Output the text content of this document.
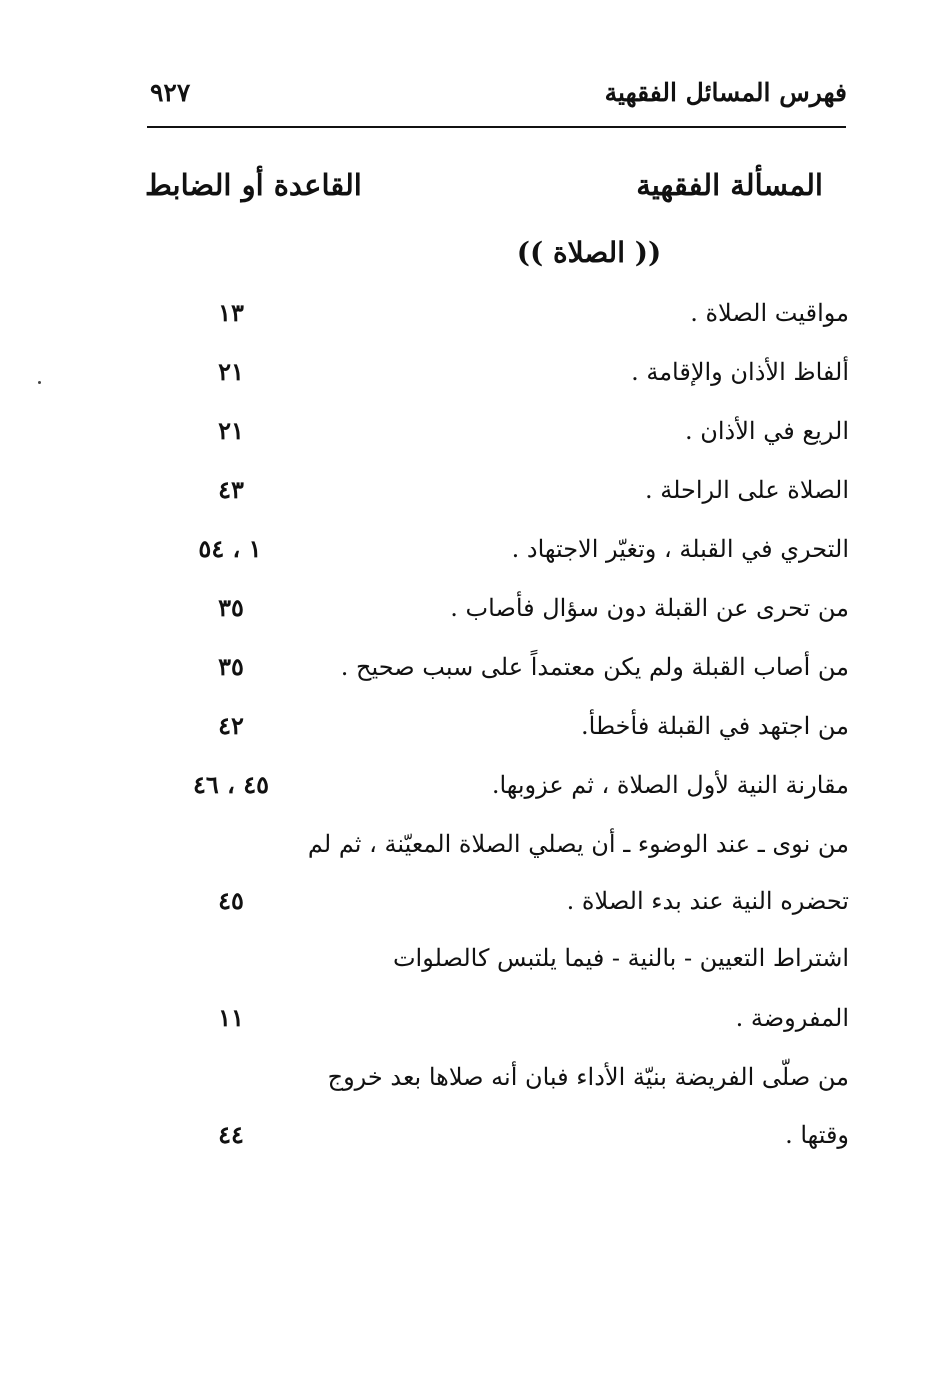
فهرس المسائل الفقهية
٩٢٧
المسألة الفقهية
القاعدة أو الضابط
(( الصلاة ))
مواقيت الصلاة .
١٣
ألفاظ الأذان والإقامة .
٢١
الريع في الأذان .
٢١
الصلاة على الراحلة .
٤٣
التحري في القبلة ، وتغيّر الاجتهاد .
١ ، ٥٤
من تحرى عن القبلة دون سؤال فأصاب .
٣٥
من أصاب القبلة ولم يكن معتمداً على سبب صحيح .
٣٥
من اجتهد في القبلة فأخطأ.
٤٢
مقارنة النية لأول الصلاة ، ثم عزوبها.
٤٥ ، ٤٦
من نوى ـ عند الوضوء ـ أن يصلي الصلاة المعيّنة ، ثم لم
تحضره النية عند بدء الصلاة .
٤٥
اشتراط التعيين - بالنية - فيما يلتبس كالصلوات
المفروضة .
١١
من صلّى الفريضة بنيّة الأداء فبان أنه صلاها بعد خروج
وقتها .
٤٤
